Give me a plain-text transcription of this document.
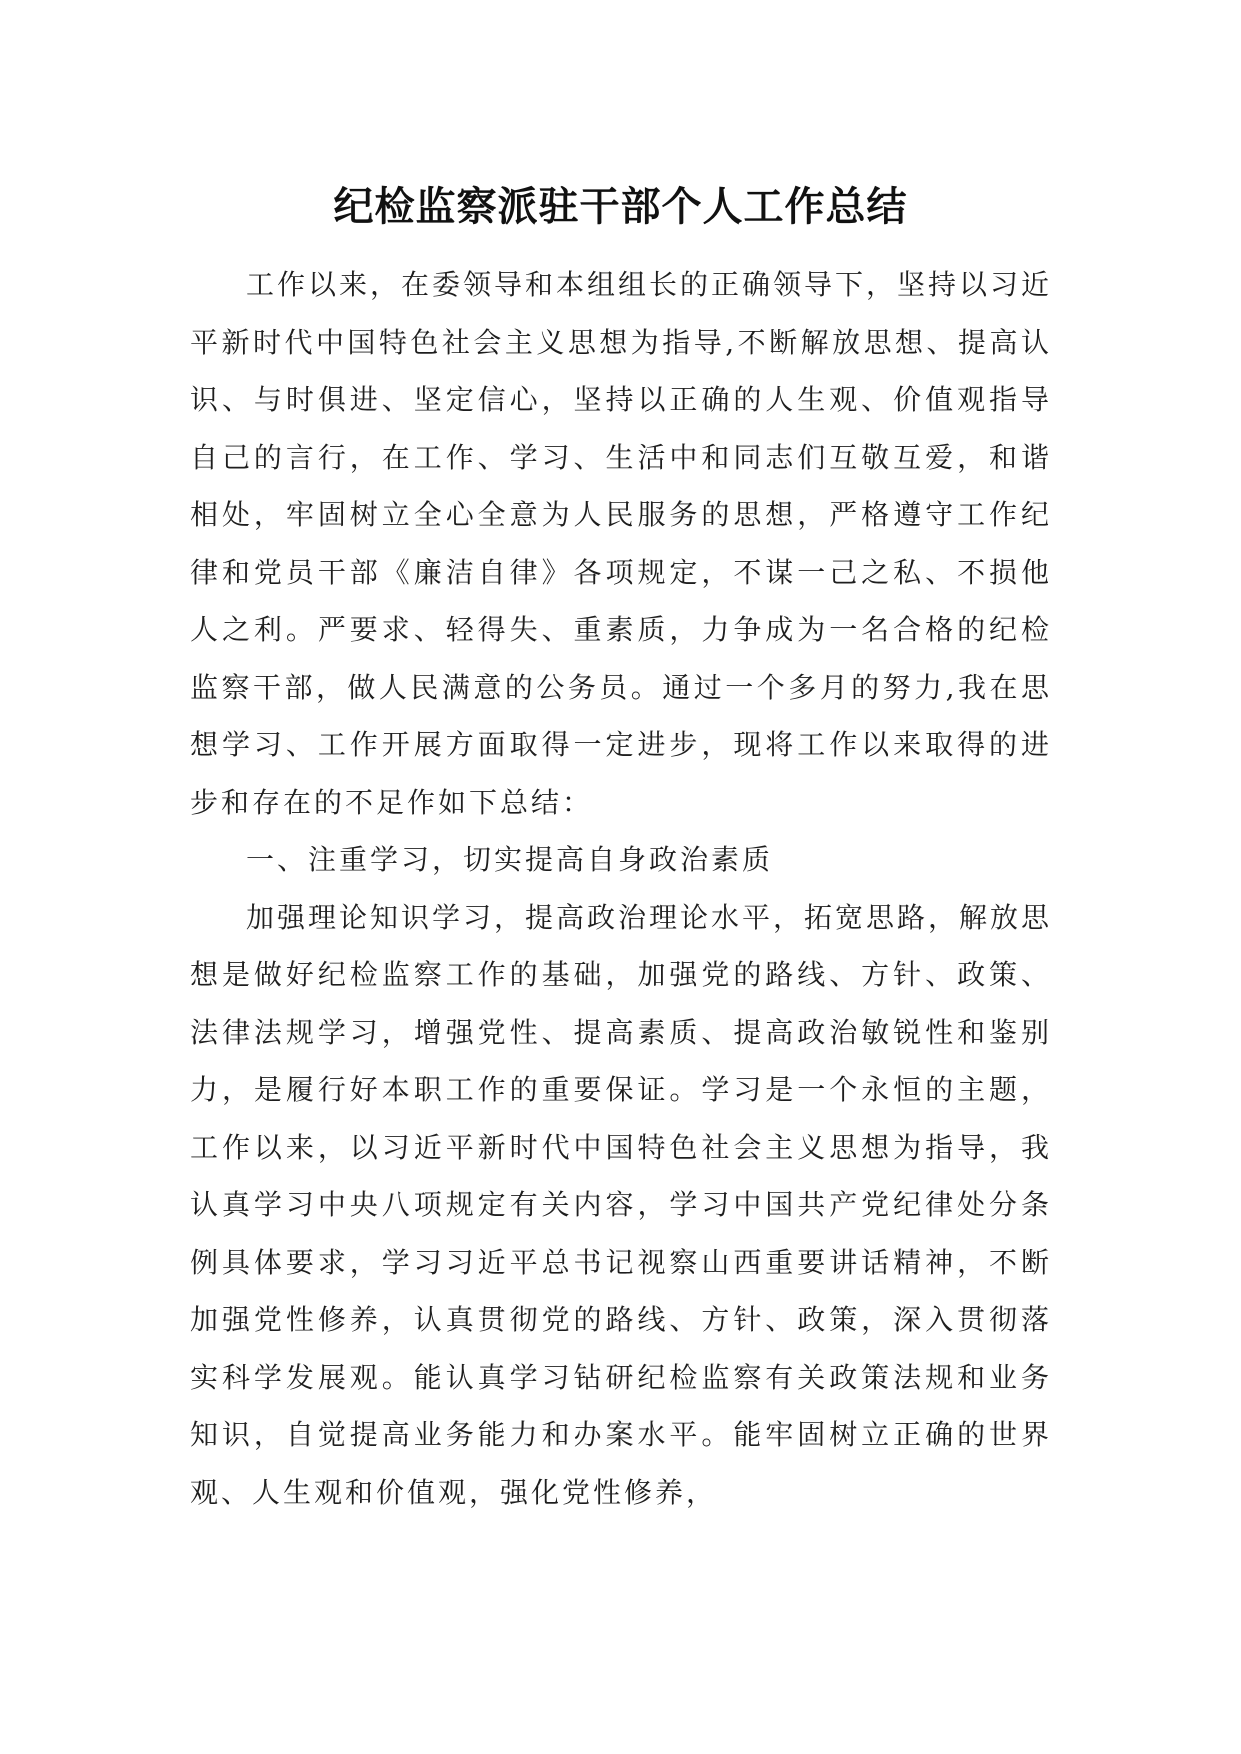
纪检监察派驻干部个人工作总结

工作以来，在委领导和本组组长的正确领导下，坚持以习近平新时代中国特色社会主义思想为指导,不断解放思想、提高认识、与时俱进、坚定信心，坚持以正确的人生观、价值观指导自己的言行，在工作、学习、生活中和同志们互敬互爱，和谐相处，牢固树立全心全意为人民服务的思想，严格遵守工作纪律和党员干部《廉洁自律》各项规定，不谋一己之私、不损他人之利。严要求、轻得失、重素质，力争成为一名合格的纪检监察干部，做人民满意的公务员。通过一个多月的努力,我在思想学习、工作开展方面取得一定进步，现将工作以来取得的进步和存在的不足作如下总结：

一、注重学习，切实提高自身政治素质

加强理论知识学习，提高政治理论水平，拓宽思路，解放思想是做好纪检监察工作的基础，加强党的路线、方针、政策、法律法规学习，增强党性、提高素质、提高政治敏锐性和鉴别力，是履行好本职工作的重要保证。学习是一个永恒的主题，工作以来，以习近平新时代中国特色社会主义思想为指导，我认真学习中央八项规定有关内容，学习中国共产党纪律处分条例具体要求，学习习近平总书记视察山西重要讲话精神，不断加强党性修养，认真贯彻党的路线、方针、政策，深入贯彻落实科学发展观。能认真学习钻研纪检监察有关政策法规和业务知识，自觉提高业务能力和办案水平。能牢固树立正确的世界观、人生观和价值观，强化党性修养，
